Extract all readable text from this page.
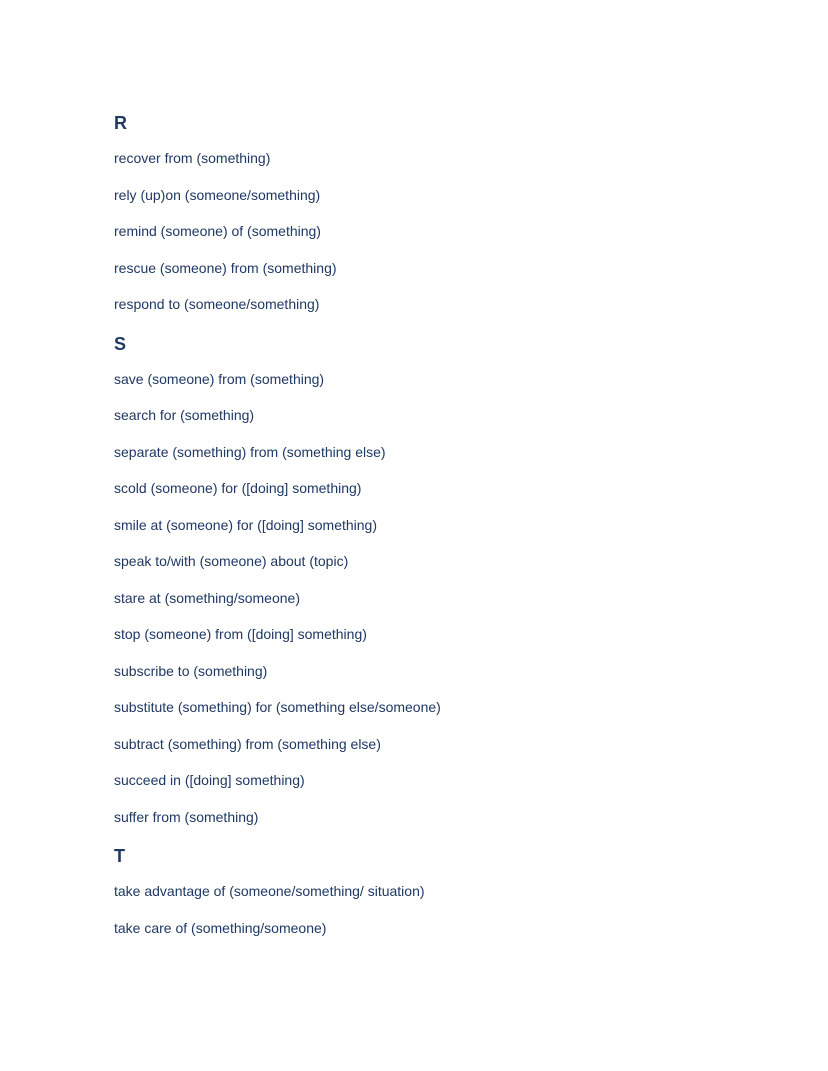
R
recover from (something)
rely (up)on (someone/something)
remind (someone) of (something)
rescue (someone) from (something)
respond to (someone/something)
S
save (someone) from (something)
search for (something)
separate (something) from (something else)
scold (someone) for ([doing] something)
smile at (someone) for ([doing] something)
speak to/with (someone) about (topic)
stare at (something/someone)
stop (someone) from ([doing] something)
subscribe to (something)
substitute (something) for (something else/someone)
subtract (something) from (something else)
succeed in ([doing] something)
suffer from (something)
T
take advantage of (someone/something/ situation)
take care of (something/someone)
